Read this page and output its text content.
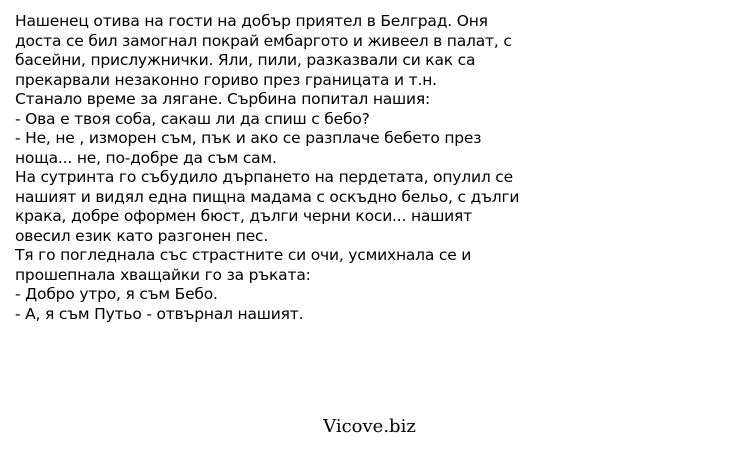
Нашенец отива на гости на добър приятел в Белград. Оня
доста се бил замогнал покрай ембаргото и живеел в палат, с
басейни, прислужнички. Яли, пили, разказвали си как са
прекарвали незаконно гориво през границата и т.н.
Станало време за лягане. Сърбина попитал нашия:
- Ова е твоя соба, сакаш ли да спиш с бебо?
- Не, не , изморен съм, пък и ако се разплаче бебето през
ноща... не, по-добре да съм сам.
На сутринта го събудило дърпането на пердетата, опулил се
нашият и видял една пищна мадама с оскъдно бельо, с дълги
крака, добре оформен бюст, дълги черни коси... нашият
овесил език като разгонен пес.
Тя го погледнала със страстните си очи, усмихнала се и
прошепнала хващайки го за ръката:
- Добро утро, я съм Бебо.
- А, я съм Путьо - отвърнал нашият.
Vicove.biz
